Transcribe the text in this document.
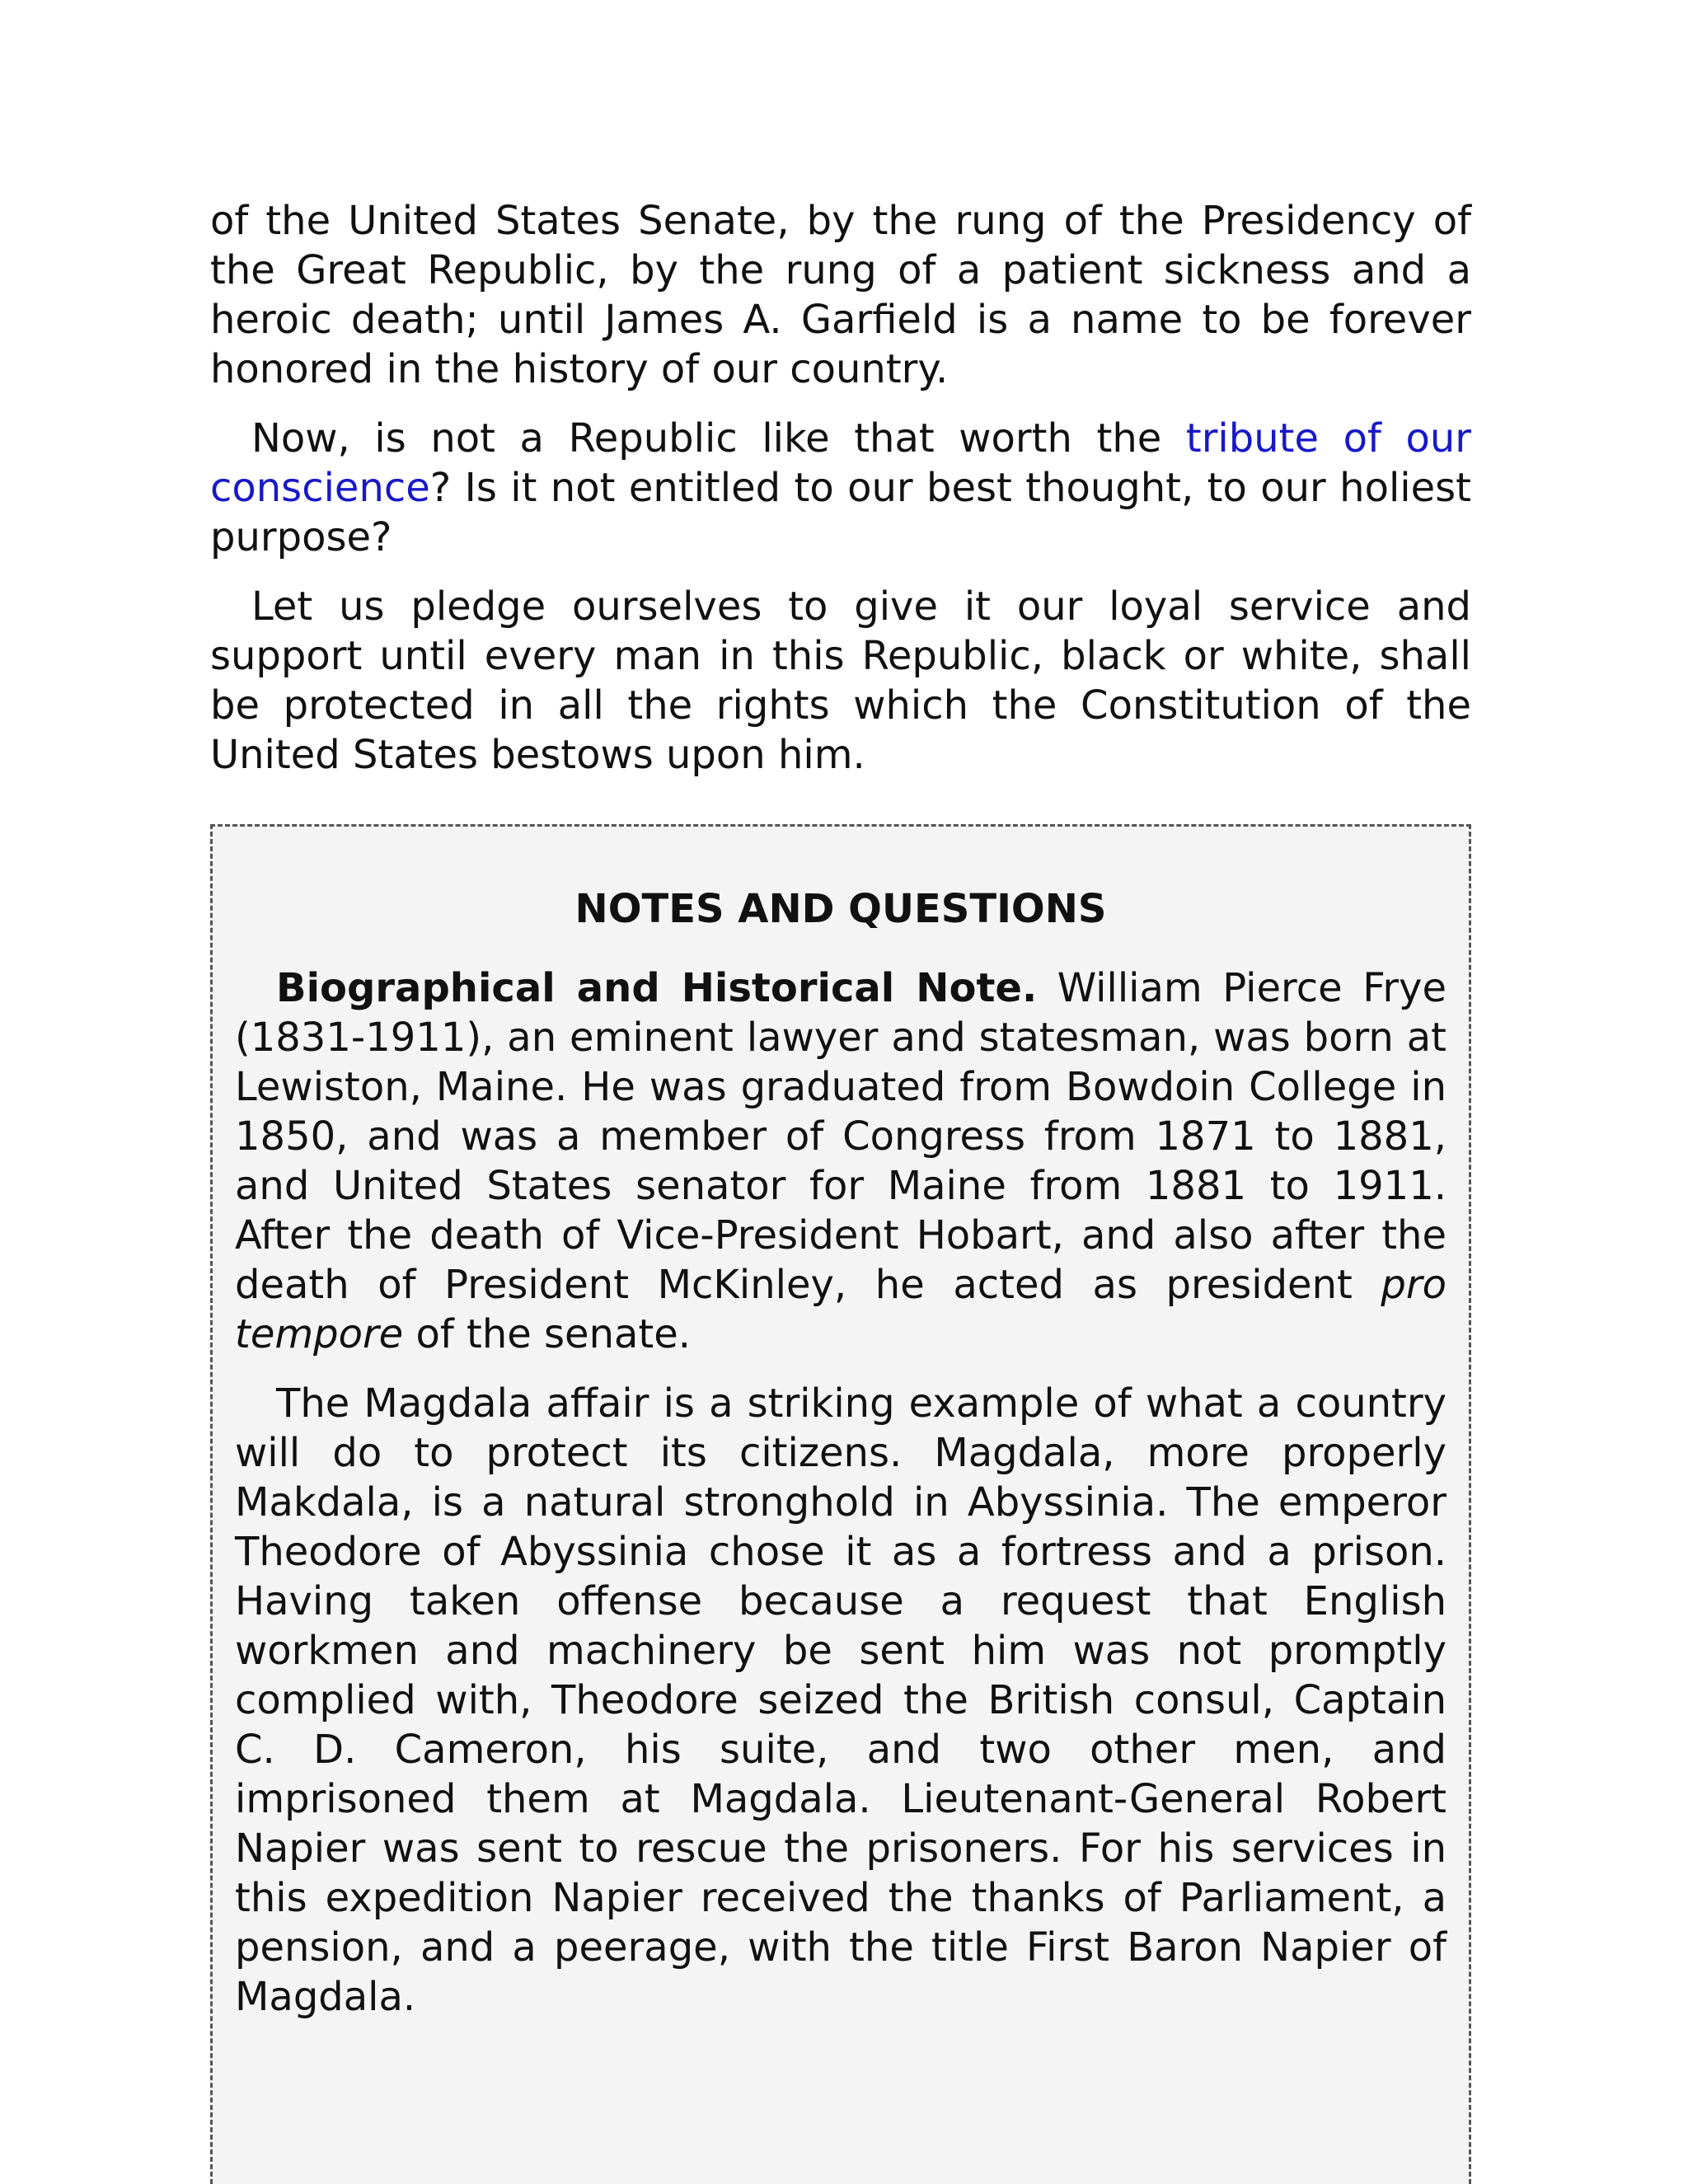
of the United States Senate, by the rung of the Presidency of the Great Republic, by the rung of a patient sickness and a heroic death; until James A. Garfield is a name to be forever honored in the history of our country.

Now, is not a Republic like that worth the tribute of our conscience? Is it not entitled to our best thought, to our holiest purpose?

Let us pledge ourselves to give it our loyal service and support until every man in this Republic, black or white, shall be protected in all the rights which the Constitution of the United States bestows upon him.

NOTES AND QUESTIONS

Biographical and Historical Note. William Pierce Frye (1831-1911), an eminent lawyer and statesman, was born at Lewiston, Maine. He was graduated from Bowdoin College in 1850, and was a member of Congress from 1871 to 1881, and United States senator for Maine from 1881 to 1911. After the death of Vice-President Hobart, and also after the death of President McKinley, he acted as president pro tempore of the senate.

The Magdala affair is a striking example of what a country will do to protect its citizens. Magdala, more properly Makdala, is a natural stronghold in Abyssinia. The emperor Theodore of Abyssinia chose it as a fortress and a prison. Having taken offense because a request that English workmen and machinery be sent him was not promptly complied with, Theodore seized the British consul, Captain C. D. Cameron, his suite, and two other men, and imprisoned them at Magdala. Lieutenant-General Robert Napier was sent to rescue the prisoners. For his services in this expedition Napier received the thanks of Parliament, a pension, and a peerage, with the title First Baron Napier of Magdala.
